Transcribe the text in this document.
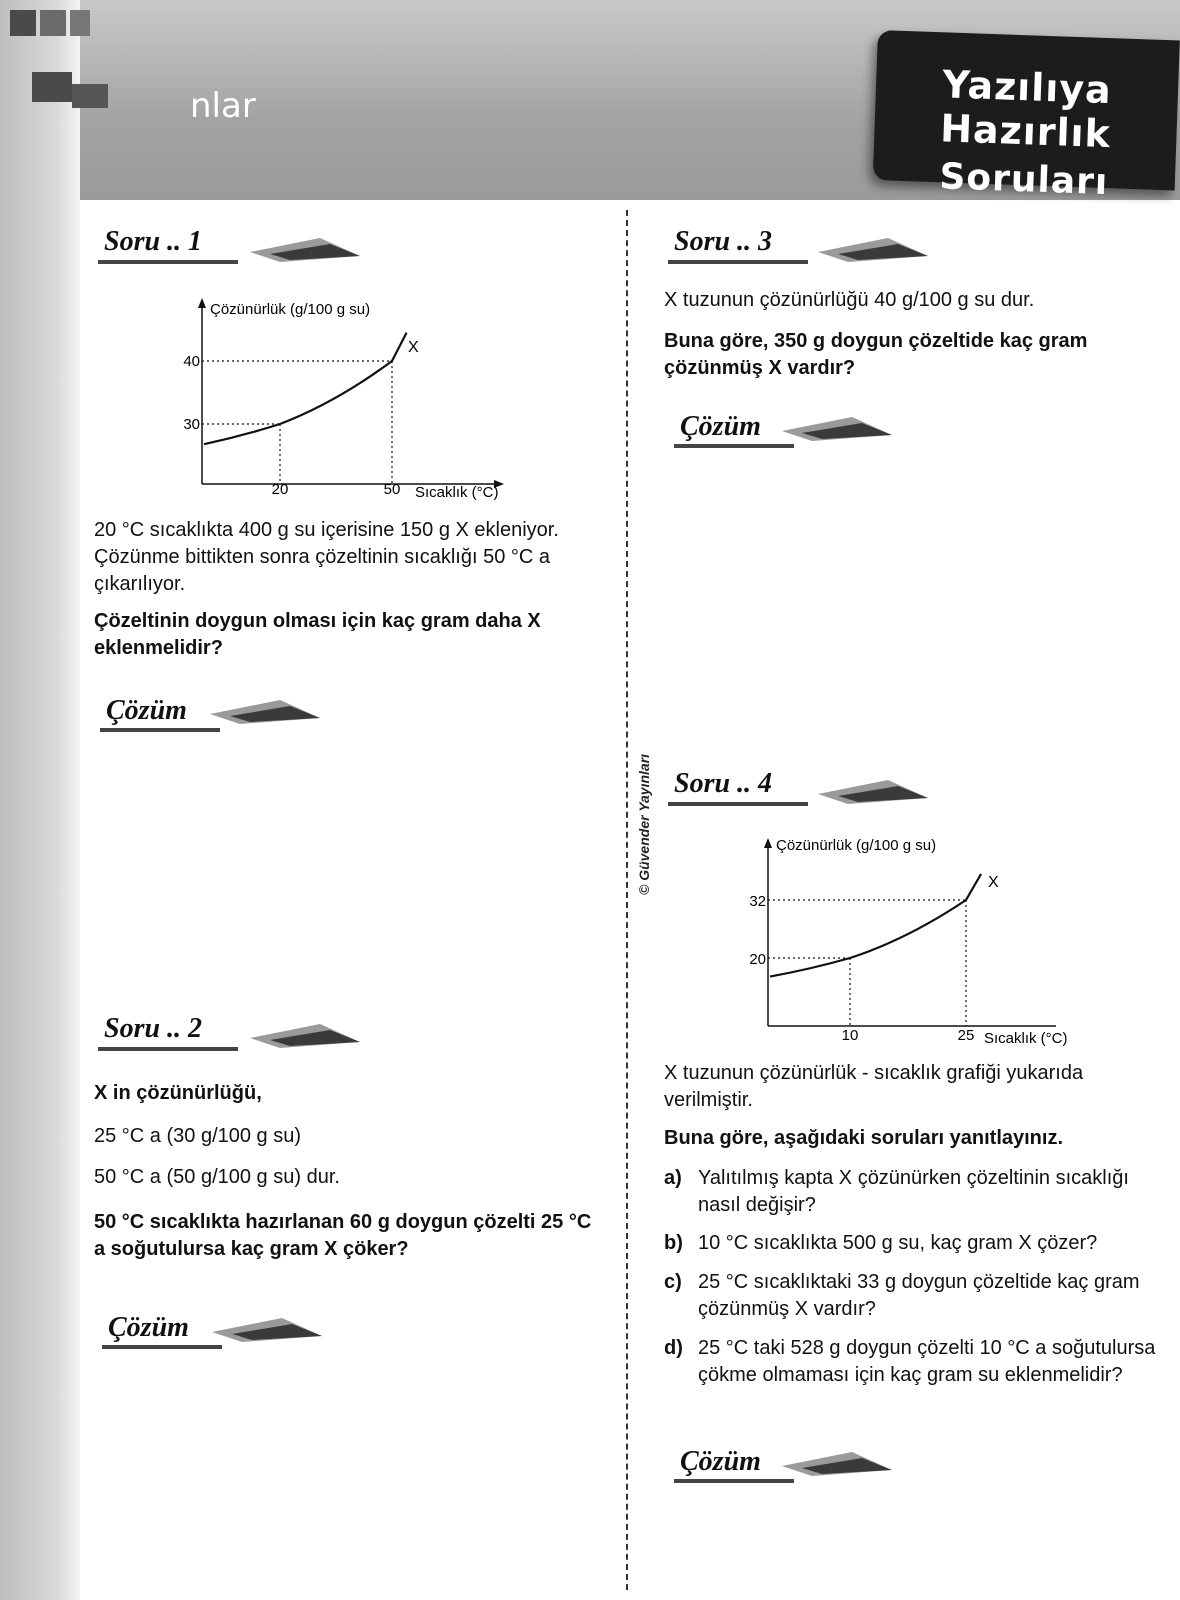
nlar	Yazılıya Hazırlık
Soruları
© Güvender Yayınları
Soru .. 1
Çözünürlük (g/100 g su)
Sıcaklık (°C)
30
40
20	50
X
20 °C sıcaklıkta 400 g su içerisine 150 g X ekleniyor. Çözünme bittikten sonra çözeltinin sıcaklığı 50 °C a çıkarılıyor.
Çözeltinin doygun olması için kaç gram daha X eklenmelidir?
Çözüm
Soru .. 2
X in çözünürlüğü,
25 °C a (30 g/100 g su)
50 °C a (50 g/100 g su) dur.
50 °C sıcaklıkta hazırlanan 60 g doygun çözelti 25 °C a soğutulursa kaç gram X çöker?
Çözüm
Soru .. 3
X tuzunun çözünürlüğü 40 g/100 g su dur.
Buna göre, 350 g doygun çözeltide kaç gram çözünmüş X vardır?
Çözüm
Soru .. 4
Çözünürlük (g/100 g su)
Sıcaklık (°C)
20
32
10	25
X
X tuzunun çözünürlük - sıcaklık grafiği yukarıda verilmiştir.
Buna göre, aşağıdaki soruları yanıtlayınız.
a) Yalıtılmış kapta X çözünürken çözeltinin sıcaklığı nasıl değişir?
b) 10 °C sıcaklıkta 500 g su, kaç gram X çözer?
c) 25 °C sıcaklıktaki 33 g doygun çözeltide kaç gram çözünmüş X vardır?
d) 25 °C taki 528 g doygun çözelti 10 °C a soğutulursa çökme olmaması için kaç gram su eklenmelidir?
Çözüm
